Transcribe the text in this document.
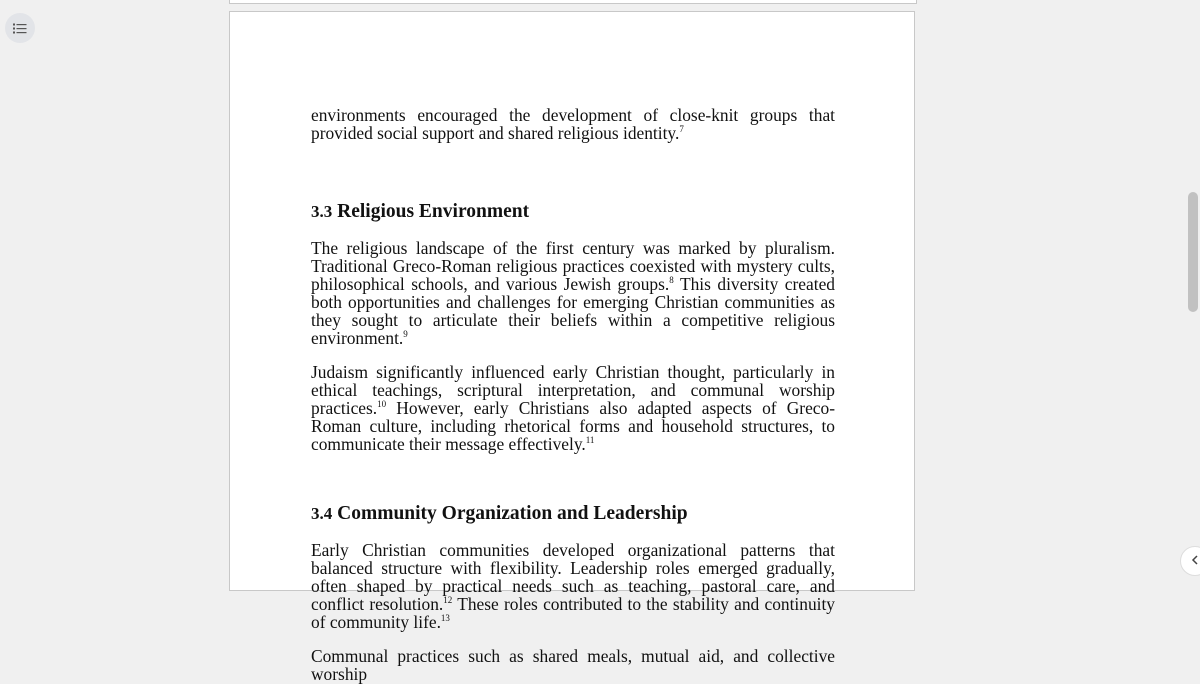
environments encouraged the development of close-knit groups that provided social support and shared religious identity.$^7$

3.3 Religious Environment

The religious landscape of the first century was marked by pluralism. Traditional Greco-Roman religious practices coexisted with mystery cults, philosophical schools, and various Jewish groups.$^8$ This diversity created both opportunities and challenges for emerging Christian communities as they sought to articulate their beliefs within a competitive religious environment.$^9$

Judaism significantly influenced early Christian thought, particularly in ethical teachings, scriptural interpretation, and communal worship practices.$^{10}$ However, early Christians also adapted aspects of Greco-Roman culture, including rhetorical forms and household structures, to communicate their message effectively.$^{11}$

3.4 Community Organization and Leadership

Early Christian communities developed organizational patterns that balanced structure with flexibility. Leadership roles emerged gradually, often shaped by practical needs such as teaching, pastoral care, and conflict resolution.$^{12}$ These roles contributed to the stability and continuity of community life.$^{13}$

Communal practices such as shared meals, mutual aid, and collective worship
